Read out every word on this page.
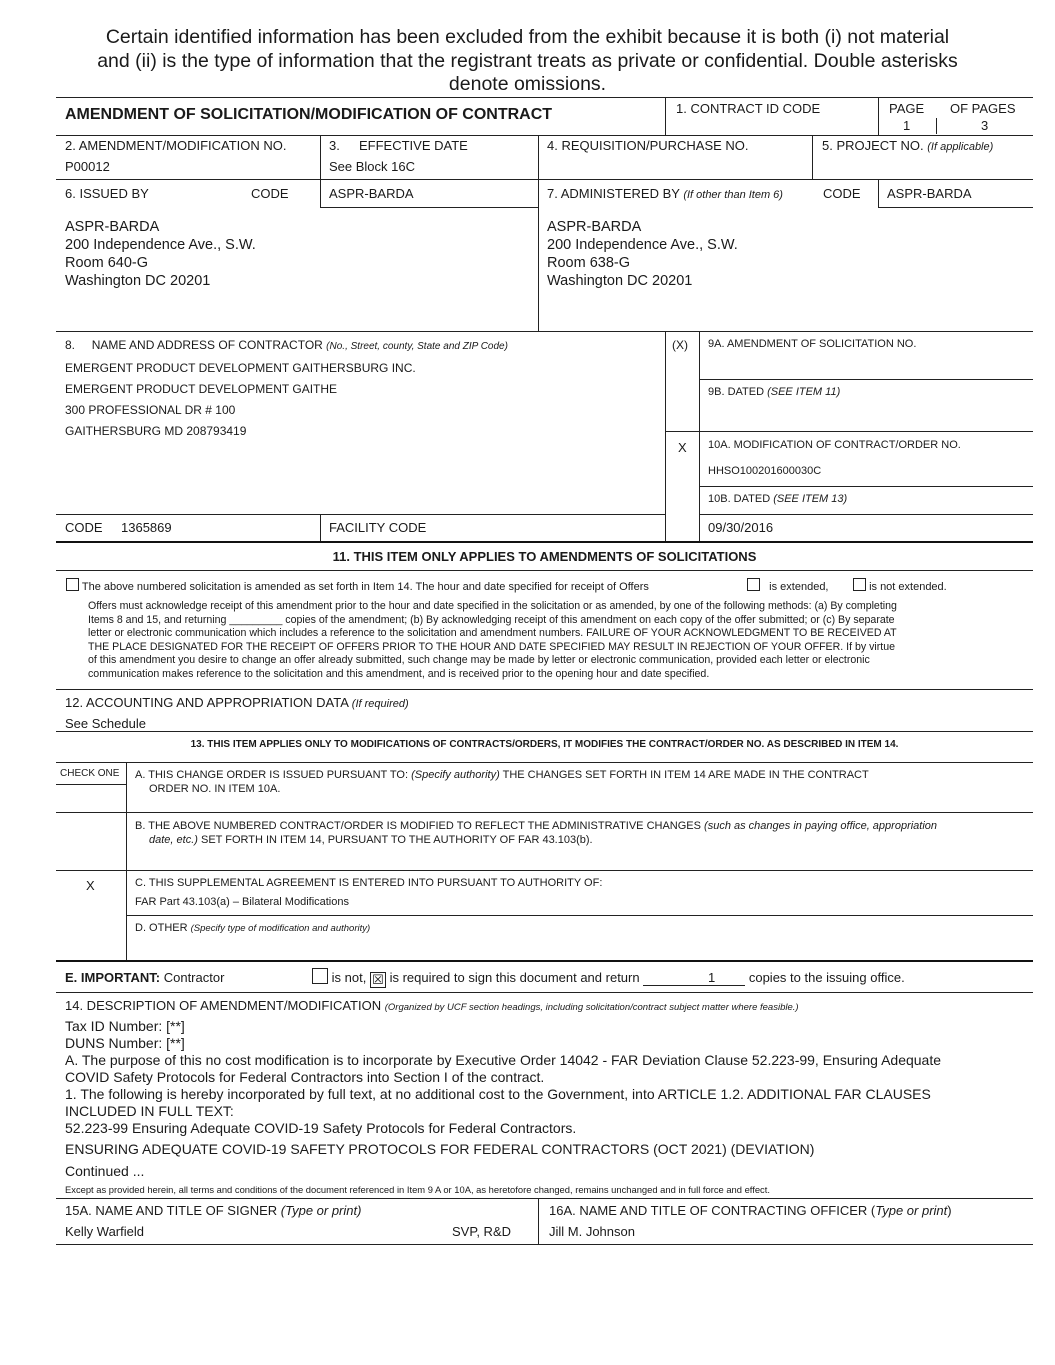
Certain identified information has been excluded from the exhibit because it is both (i) not material
and (ii) is the type of information that the registrant treats as private or confidential. Double asterisks
denote omissions.
AMENDMENT OF SOLICITATION/MODIFICATION OF CONTRACT	1. CONTRACT ID CODE	PAGE OF PAGES
1	3
2. AMENDMENT/MODIFICATION NO.
P00012
3. EFFECTIVE DATE
See Block 16C
4. REQUISITION/PURCHASE NO.	5. PROJECT NO. (If applicable)
6. ISSUED BY	CODE	ASPR-BARDA
ASPR-BARDA
200 Independence Ave., S.W.
Room 640-G
Washington DC 20201
7. ADMINISTERED BY (If other than Item 6)	CODE ASPR-BARDA
ASPR-BARDA
200 Independence Ave., S.W.
Room 638-G
Washington DC 20201
8. NAME AND ADDRESS OF CONTRACTOR (No., Street, county, State and ZIP Code)
EMERGENT PRODUCT DEVELOPMENT GAITHERSBURG INC.
EMERGENT PRODUCT DEVELOPMENT GAITHE
300 PROFESSIONAL DR # 100
GAITHERSBURG MD 208793419
CODE 1365869	FACILITY CODE
(X) 9A. AMENDMENT OF SOLICITATION NO.
9B. DATED (SEE ITEM 11)
X 10A. MODIFICATION OF CONTRACT/ORDER NO.
HHSO100201600030C
10B. DATED (SEE ITEM 13)
09/30/2016
11. THIS ITEM ONLY APPLIES TO AMENDMENTS OF SOLICITATIONS
The above numbered solicitation is amended as set forth in Item 14. The hour and date specified for receipt of Offers	is extended,	is not extended.
Offers must acknowledge receipt of this amendment prior to the hour and date specified in the solicitation or as amended, by one of the following methods: (a) By completing
Items 8 and 15, and returning _________ copies of the amendment; (b) By acknowledging receipt of this amendment on each copy of the offer submitted; or (c) By separate
letter or electronic communication which includes a reference to the solicitation and amendment numbers. FAILURE OF YOUR ACKNOWLEDGMENT TO BE RECEIVED AT
THE PLACE DESIGNATED FOR THE RECEIPT OF OFFERS PRIOR TO THE HOUR AND DATE SPECIFIED MAY RESULT IN REJECTION OF YOUR OFFER. If by virtue
of this amendment you desire to change an offer already submitted, such change may be made by letter or electronic communication, provided each letter or electronic
communication makes reference to the solicitation and this amendment, and is received prior to the opening hour and date specified.
12. ACCOUNTING AND APPROPRIATION DATA (If required)
See Schedule
13. THIS ITEM APPLIES ONLY TO MODIFICATIONS OF CONTRACTS/ORDERS, IT MODIFIES THE CONTRACT/ORDER NO. AS DESCRIBED IN ITEM 14.
CHECK ONE A. THIS CHANGE ORDER IS ISSUED PURSUANT TO: (Specify authority) THE CHANGES SET FORTH IN ITEM 14 ARE MADE IN THE CONTRACT
ORDER NO. IN ITEM 10A.
B. THE ABOVE NUMBERED CONTRACT/ORDER IS MODIFIED TO REFLECT THE ADMINISTRATIVE CHANGES (such as changes in paying office, appropriation
date, etc.) SET FORTH IN ITEM 14, PURSUANT TO THE AUTHORITY OF FAR 43.103(b).
X	C. THIS SUPPLEMENTAL AGREEMENT IS ENTERED INTO PURSUANT TO AUTHORITY OF:
FAR Part 43.103(a) – Bilateral Modifications
D. OTHER (Specify type of modification and authority)
E. IMPORTANT: Contractor	is not, ☒ is required to sign this document and return	1	copies to the issuing office.
14. DESCRIPTION OF AMENDMENT/MODIFICATION (Organized by UCF section headings, including solicitation/contract subject matter where feasible.)
Tax ID Number: [**]
DUNS Number: [**]
A. The purpose of this no cost modification is to incorporate by Executive Order 14042 - FAR Deviation Clause 52.223-99, Ensuring Adequate
COVID Safety Protocols for Federal Contractors into Section I of the contract.
1. The following is hereby incorporated by full text, at no additional cost to the Government, into ARTICLE 1.2. ADDITIONAL FAR CLAUSES
INCLUDED IN FULL TEXT:
52.223-99 Ensuring Adequate COVID-19 Safety Protocols for Federal Contractors.
ENSURING ADEQUATE COVID-19 SAFETY PROTOCOLS FOR FEDERAL CONTRACTORS (OCT 2021) (DEVIATION)
Continued ...
Except as provided herein, all terms and conditions of the document referenced in Item 9 A or 10A, as heretofore changed, remains unchanged and in full force and effect.
15A. NAME AND TITLE OF SIGNER (Type or print)
Kelly Warfield	SVP, R&D
16A. NAME AND TITLE OF CONTRACTING OFFICER (Type or print)
Jill M. Johnson
